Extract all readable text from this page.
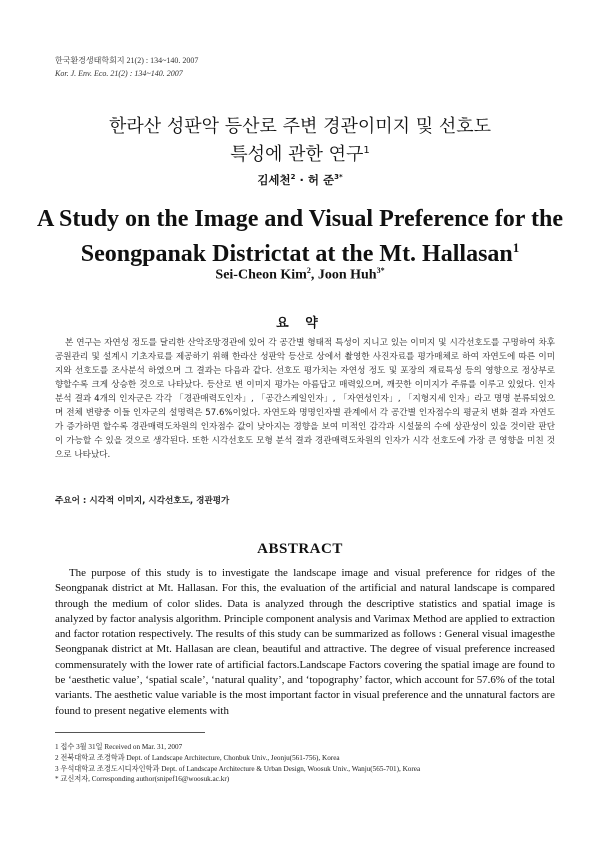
한국환경생태학회지 21(2) : 134~140. 2007
Kor. J. Env. Eco. 21(2) : 134~140. 2007
한라산 성판악 등산로 주변 경관이미지 및 선호도
특성에 관한 연구$^1$
김세천$^2$ · 허 준$^{3*}$
A Study on the Image and Visual Preference for the
Seongpanak Districtat at the Mt. Hallasan$^1$
Sei-Cheon Kim$^2$, Joon Huh$^{3*}$
요 약
본 연구는 자연성 정도를 달리한 산악조망경관에 있어 각 공간별 형태적 특성이 지니고 있는 이미지 및 시각선호도를 구명하여 차후 공원관리 및 설계시 기초자료를 제공하기 위해 한라산 성판악 등산로 상에서 촬영한 사진자료를 평가매체로 하여 자연도에 따른 이미지와 선호도를 조사분석 하였으며 그 결과는 다음과 같다. 선호도 평가치는 자연성 정도 및 포장의 재료특성 등의 영향으로 정상부로 향할수록 크게 상승한 것으로 나타났다. 등산로 변 이미지 평가는 아름답고 매력있으며, 깨끗한 이미지가 주류를 이루고 있었다. 인자분석 결과 4개의 인자군은 각각 「경관매력도인자」, 「공간스케일인자」, 「자연성인자」, 「지형지세 인자」라고 명명 분류되었으며 전체 변량중 이들 인자군의 설명력은 57.6%이었다. 자연도와 명명인자별 관계에서 각 공간별 인자점수의 평균치 변화 결과 자연도가 증가하면 할수록 경관매력도차원의 인자점수 값이 낮아지는 경향을 보여 미적인 감각과 시설물의 수에 상관성이 있을 것이란 판단이 가능할 수 있을 것으로 생각된다. 또한 시각선호도 모형 분석 결과 경관매력도차원의 인자가 시각 선호도에 가장 큰 영향을 미친 것으로 나타났다.
주요어 : 시각적 이미지, 시각선호도, 경관평가
ABSTRACT
The purpose of this study is to investigate the landscape image and visual preference for ridges of the Seongpanak district at Mt. Hallasan. For this, the evaluation of the artificial and natural landscape is compared through the medium of color slides. Data is analyzed through the descriptive statistics and spatial image is analyzed by factor analysis algorithm. Principle component analysis and Varimax Method are applied to extraction and factor rotation respectively. The results of this study can be summarized as follows : General visual imagesthe Seongpanak district at Mt. Hallasan are clean, beautiful and attractive. The degree of visual preference increased commensurately with the lower rate of artificial factors.Landscape Factors covering the spatial image are found to be ‘aesthetic value’, ‘spatial scale’, ‘natural quality’, and ‘topography’ factor, which account for 57.6% of the total variants. The aesthetic value variable is the most important factor in visual preference and the unnatural factors are found to present negative elements with
1 접수 3월 31일 Received on Mar. 31, 2007
2 전북대학교 조경학과 Dept. of Landscape Architecture, Chonbuk Univ., Jeonju(561-756), Korea
3 우석대학교 조경도시디자인학과 Dept. of Landscape Architecture & Urban Design, Woosuk Univ., Wanju(565-701), Korea
* 교신저자, Corresponding author(snipef16@woosuk.ac.kr)
